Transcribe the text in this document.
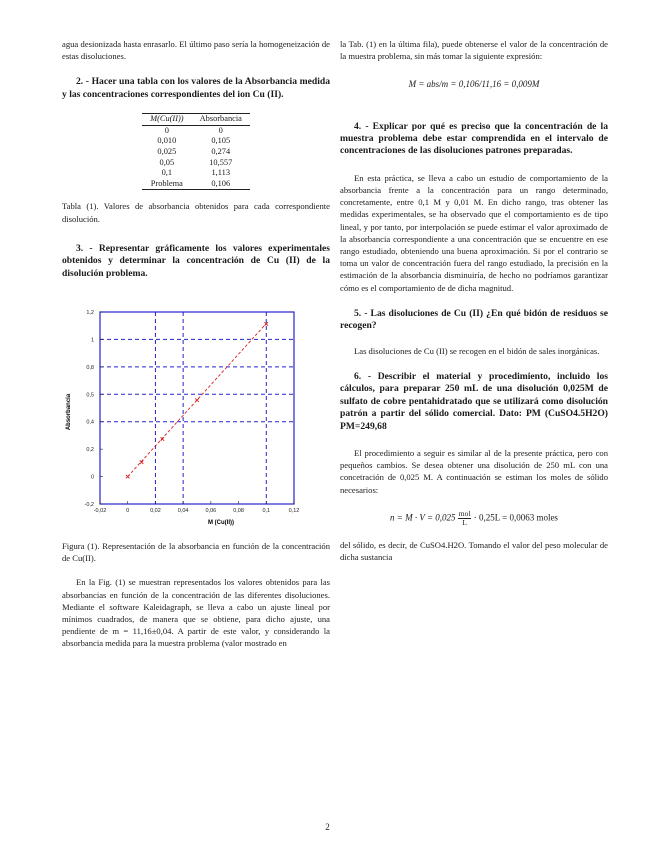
agua desionizada hasta enrasarlo. El último paso sería la homogeneización de estas disoluciones.

2. - Hacer una tabla con los valores de la Absorbancia medida y las concentraciones correspondientes del ion Cu (II).
M(Cu(II))	Absorbancia
0	0
0,010	0,105
0,025	0,274
0,05	10,557
0,1	1,113
Problema	0,106

Tabla (1). Valores de absorbancia obtenidos para cada correspondiente disolución.

3. - Representar gráficamente los valores experimentales obtenidos y determinar la concentración de Cu (II) de la disolución problema.
-0,02	0	0,02	0,04	0,06	0,08	0,1	0,12
-0,2
0
0,2
0,4
0,5
0,8
1
1,2
M (Cu(II))
Absorbancia

Figura (1). Representación de la absorbancia en función de la concentración de Cu(II).

En la Fig. (1) se muestran representados los valores obtenidos para las absorbancias en función de la concentración de las diferentes disoluciones. Mediante el software Kaleidagraph, se lleva a cabo un ajuste lineal por mínimos cuadrados, de manera que se obtiene, para dicho ajuste, una pendiente de m = 11,16±0,04. A partir de este valor, y considerando la absorbancia medida para la muestra problema (valor mostrado en

la Tab. (1) en la última fila), puede obtenerse el valor de la concentración de la muestra problema, sin más tomar la siguiente expresión:

M = abs/m = 0,106/11,16 = 0,009M

4. - Explicar por qué es preciso que la concentración de la muestra problema debe estar comprendida en el intervalo de concentraciones de las disoluciones patrones preparadas.

En esta práctica, se lleva a cabo un estudio de comportamiento de la absorbancia frente a la concentración para un rango determinado, concretamente, entre 0,1 M y 0,01 M. En dicho rango, tras obtener las medidas experimentales, se ha observado que el comportamiento es de tipo lineal, y por tanto, por interpolación se puede estimar el valor aproximado de la absorbancia correspondiente a una concentración que se encuentre en ese rango estudiado, obteniendo una buena aproximación. Si por el contrario se toma un valor de concentración fuera del rango estudiado, la precisión en la estimación de la absorbancia disminuiría, de hecho no podríamos garantizar cómo es el comportamiento de de dicha magnitud.

5. - Las disoluciones de Cu (II) ¿En qué bidón de residuos se recogen?

Las disoluciones de Cu (II) se recogen en el bidón de sales inorgánicas.

6. - Describir el material y procedimiento, incluido los cálculos, para preparar 250 mL de una disolución 0,025M de sulfato de cobre pentahidratado que se utilizará como disolución patrón a partir del sólido comercial. Dato: PM (CuSO4.5H2O) PM=249,68

El procedimiento a seguir es similar al de la presente práctica, pero con pequeños cambios. Se desea obtener una disolución de 250 mL con una concetración de 0,025 M. A continuación se estiman los moles de sólido necesarios:

$n = M \cdot V = 0,025 \frac{\text{mol}}{L} \cdot 0,25L = 0,0063$ moles

del sólido, es decir, de CuSO4.H2O. Tomando el valor del peso molecular de dicha sustancia

2
